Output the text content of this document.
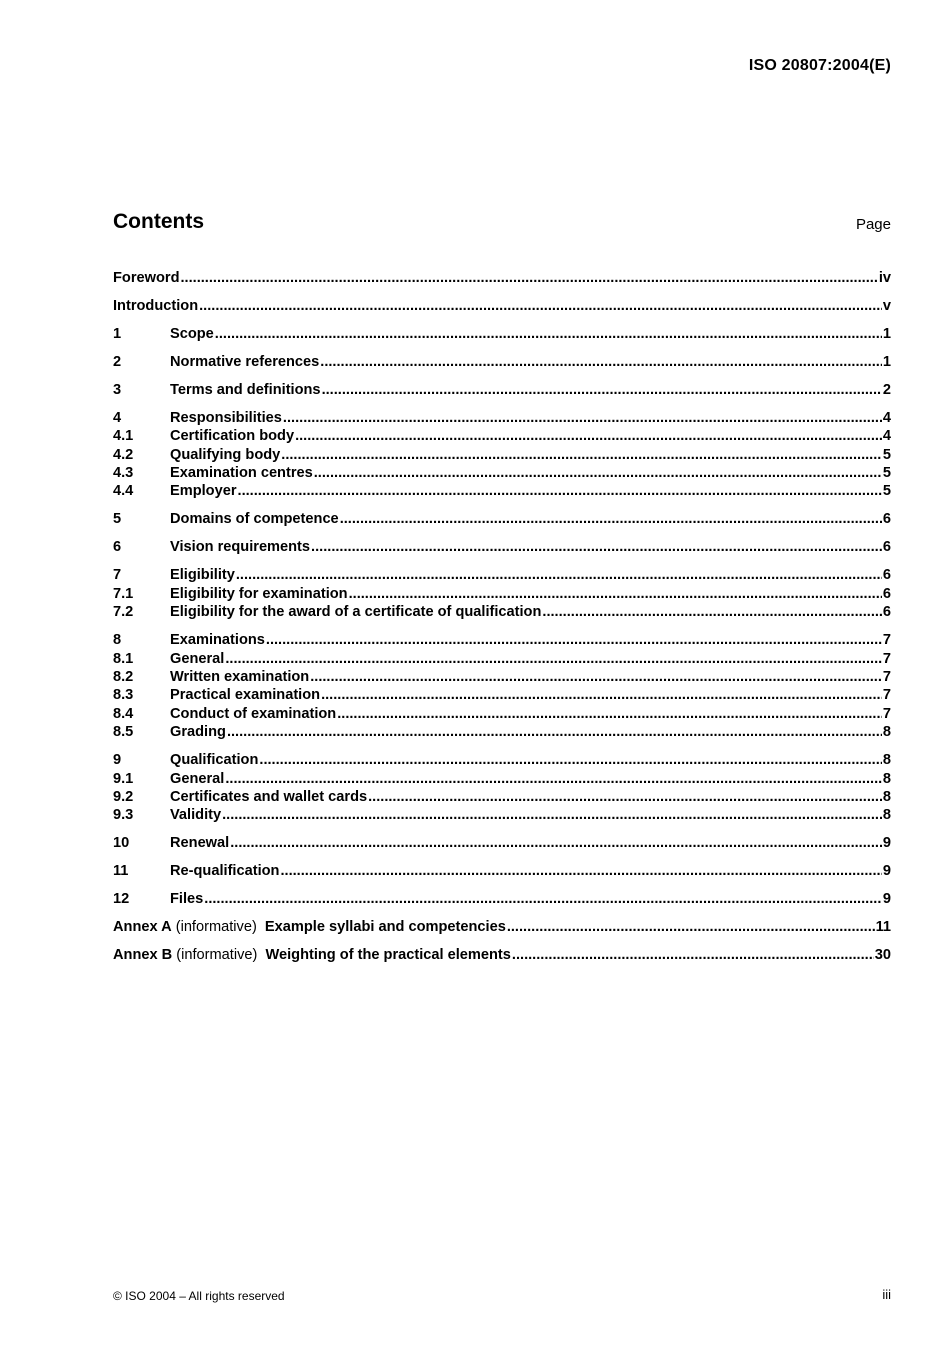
ISO 20807:2004(E)
Contents	Page
Foreword .....	iv
Introduction .....	v
1	Scope .....	1
2	Normative references .....	1
3	Terms and definitions .....	2
4	Responsibilities .....	4
4.1	Certification body .....	4
4.2	Qualifying body .....	5
4.3	Examination centres .....	5
4.4	Employer .....	5
5	Domains of competence .....	6
6	Vision requirements .....	6
7	Eligibility .....	6
7.1	Eligibility for examination .....	6
7.2	Eligibility for the award of a certificate of qualification .....	6
8	Examinations .....	7
8.1	General .....	7
8.2	Written examination .....	7
8.3	Practical examination .....	7
8.4	Conduct of examination .....	7
8.5	Grading .....	8
9	Qualification .....	8
9.1	General .....	8
9.2	Certificates and wallet cards .....	8
9.3	Validity .....	8
10	Renewal .....	9
11	Re-qualification .....	9
12	Files .....	9
Annex A (informative)  Example syllabi and competencies .....	11
Annex B (informative)  Weighting of the practical elements .....	30
© ISO 2004 – All rights reserved	iii
